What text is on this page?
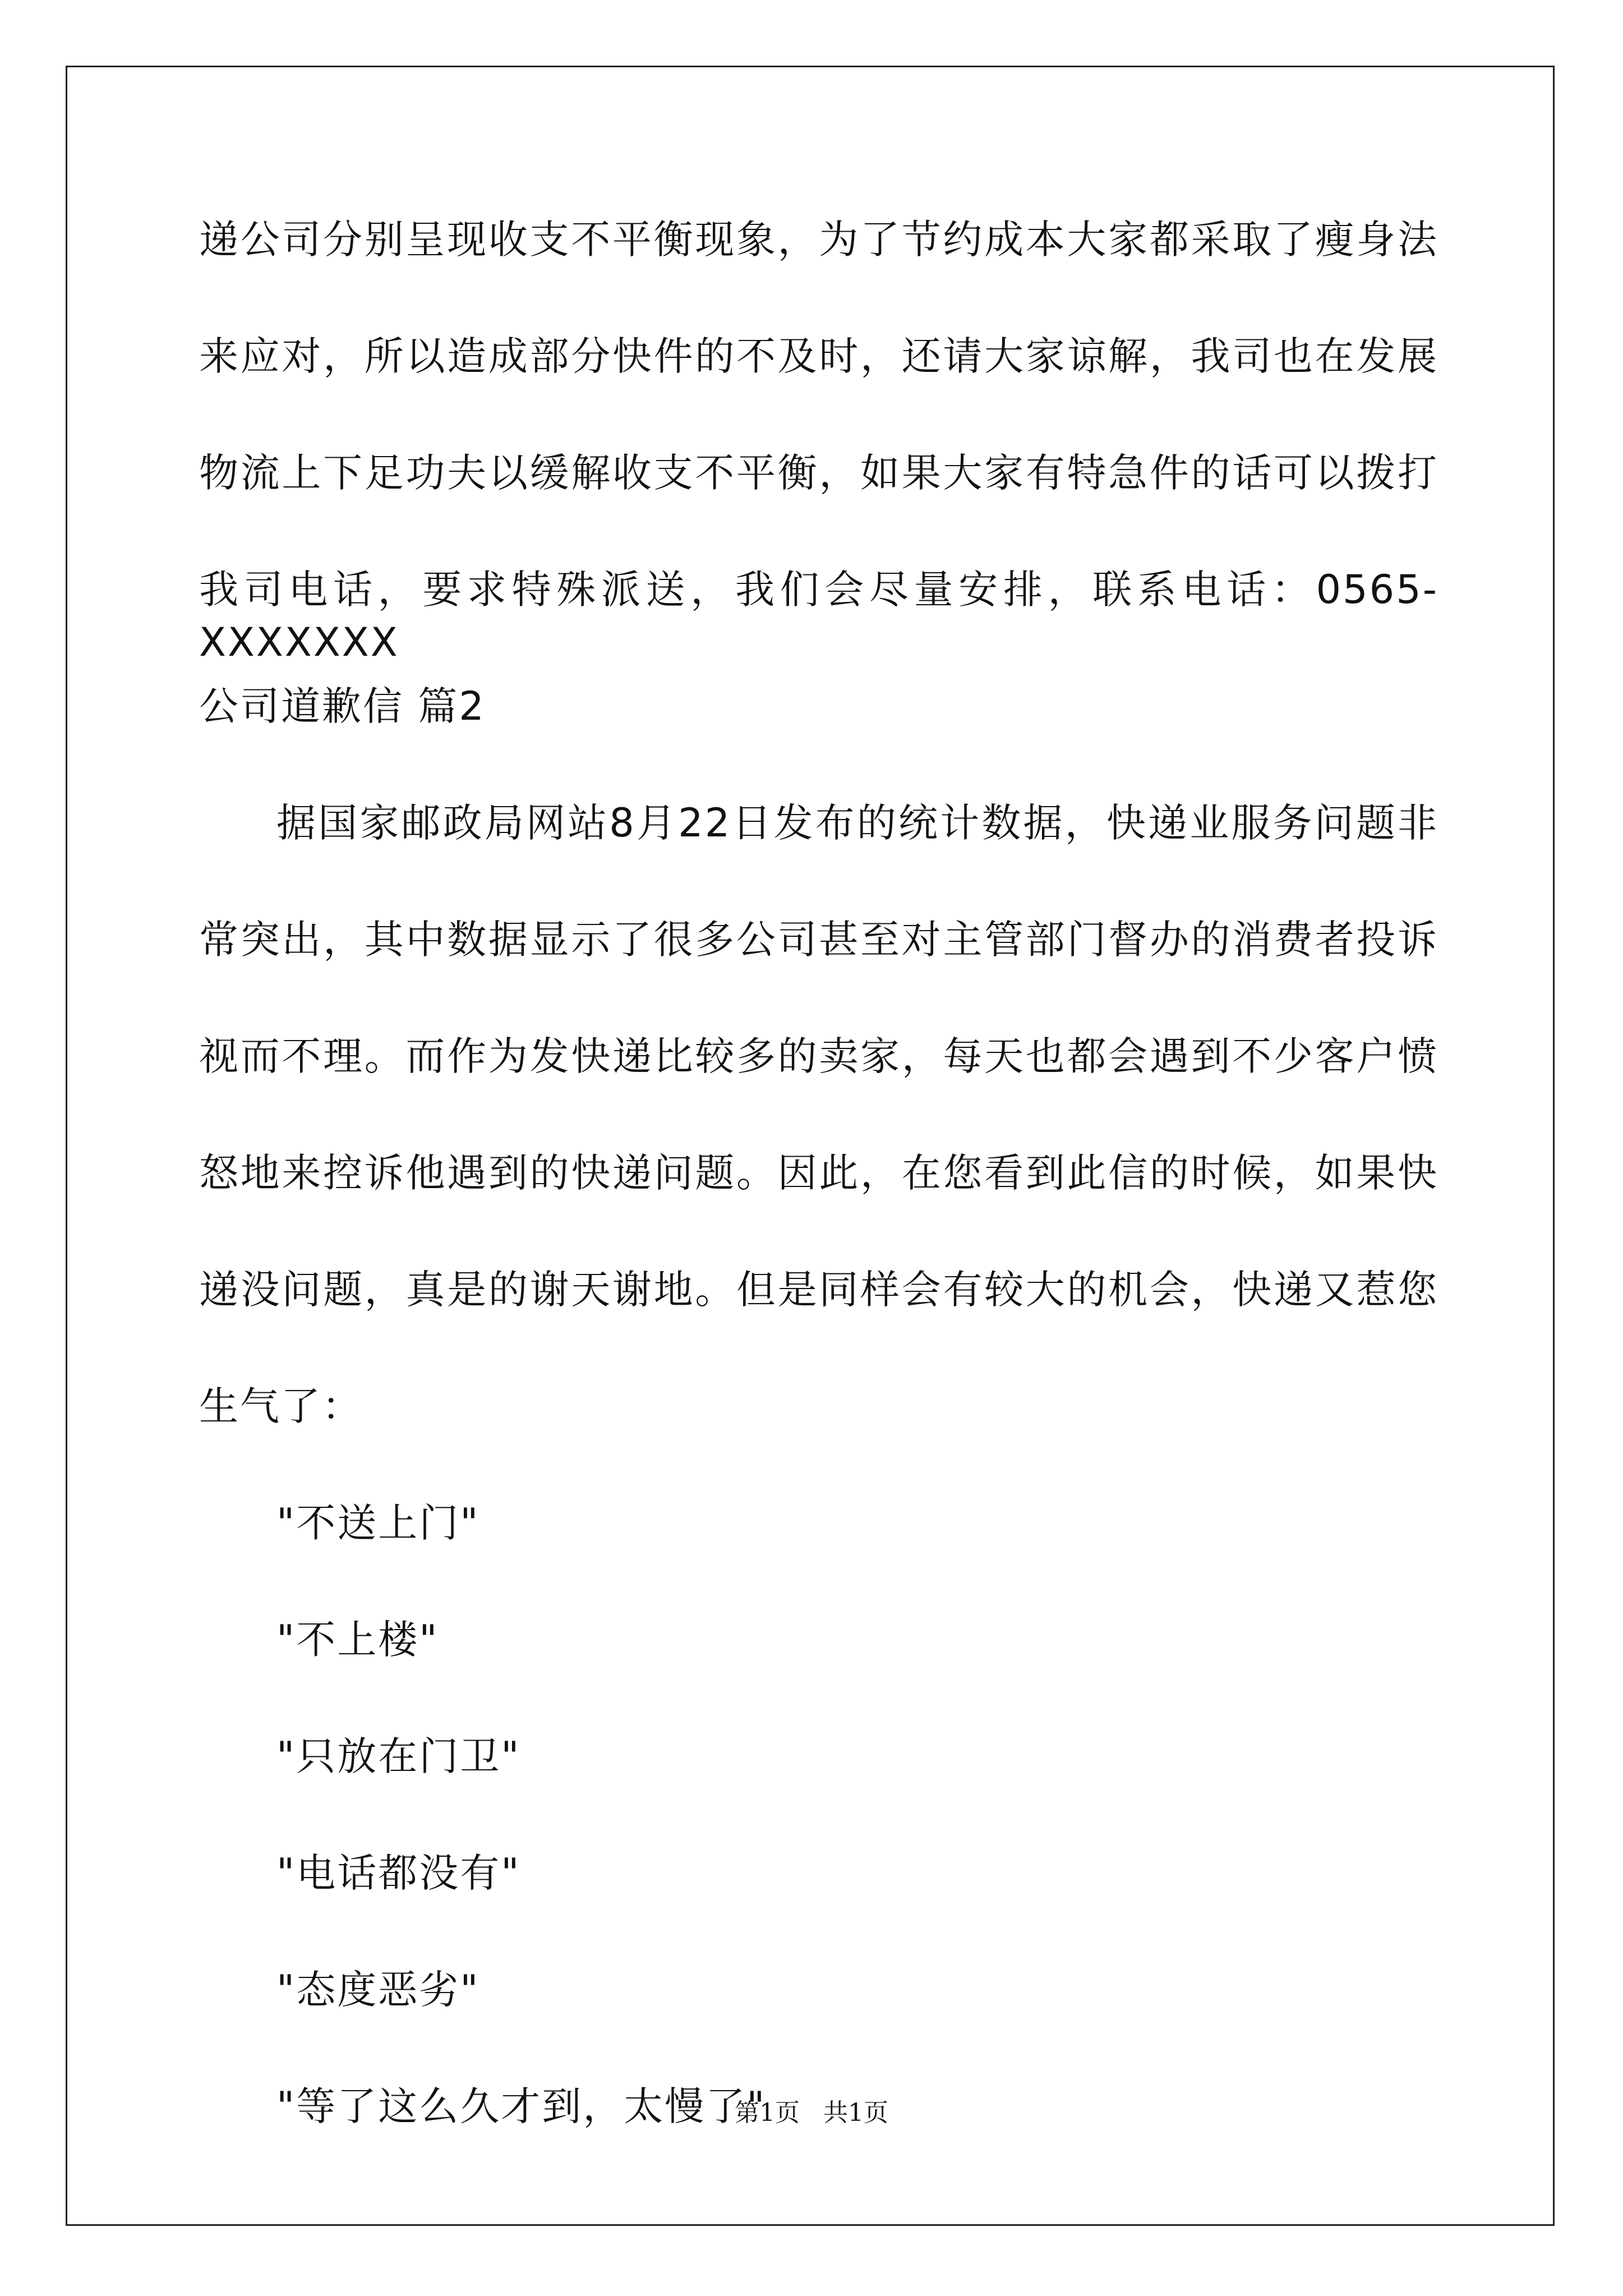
递公司分别呈现收支不平衡现象，为了节约成本大家都采取了瘦身法
来应对，所以造成部分快件的不及时，还请大家谅解，我司也在发展
物流上下足功夫以缓解收支不平衡，如果大家有特急件的话可以拨打
我司电话，要求特殊派送，我们会尽量安排，联系电话：0565-XXXXXXX
公司道歉信 篇2
据国家邮政局网站8月22日发布的统计数据，快递业服务问题非
常突出，其中数据显示了很多公司甚至对主管部门督办的消费者投诉
视而不理。而作为发快递比较多的卖家，每天也都会遇到不少客户愤
怒地来控诉他遇到的快递问题。因此，在您看到此信的时候，如果快
递没问题，真是的谢天谢地。但是同样会有较大的机会，快递又惹您
生气了：
"不送上门"
"不上楼"
"只放在门卫"
"电话都没有"
"态度恶劣"
"等了这么久才到，太慢了"
第1页   共1页
